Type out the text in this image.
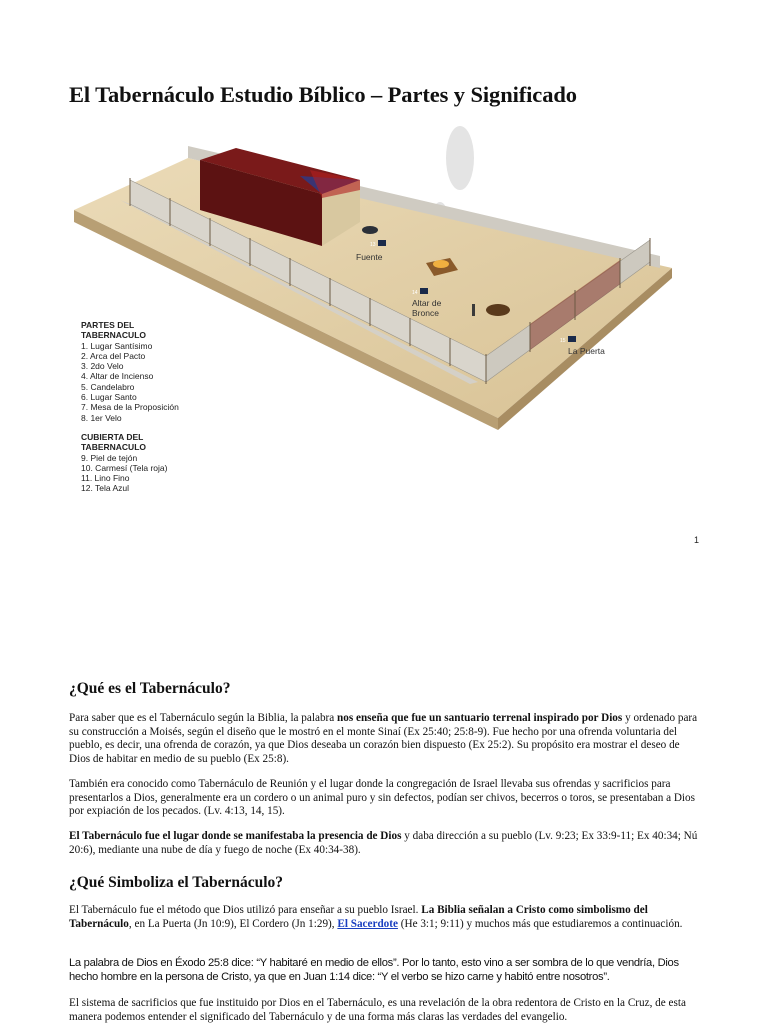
El Tabernáculo Estudio Bíblico – Partes y Significado
13
14
15
Fuente
Altar de
Bronce
La Puerta
PARTES DEL
TABERNACULO
1. Lugar Santísimo
2. Arca del Pacto
3. 2do Velo
4. Altar de Incienso
5. Candelabro
6. Lugar Santo
7. Mesa de la Proposición
8. 1er Velo
CUBIERTA DEL
TABERNACULO
9. Piel de tejón
10. Carmesí (Tela roja)
11. Lino Fino
12. Tela Azul
1
¿Qué es el Tabernáculo?

Para saber que es el Tabernáculo según la Biblia, la palabra nos enseña que fue un santuario terrenal inspirado por Dios y ordenado para su construcción a Moisés, según el diseño que le mostró en el monte Sinaí (Ex 25:40; 25:8-9). Fue hecho por una ofrenda voluntaria del pueblo, es decir, una ofrenda de corazón, ya que Dios deseaba un corazón bien dispuesto (Ex 25:2). Su propósito era mostrar el deseo de Dios de habitar en medio de su pueblo (Ex 25:8).

También era conocido como Tabernáculo de Reunión y el lugar donde la congregación de Israel llevaba sus ofrendas y sacrificios para presentarlos a Dios, generalmente era un cordero o un animal puro y sin defectos, podían ser chivos, becerros o toros, se presentaban a Dios por expiación de los pecados. (Lv. 4:13, 14, 15).

El Tabernáculo fue el lugar donde se manifestaba la presencia de Dios y daba dirección a su pueblo (Lv. 9:23; Ex 33:9-11; Ex 40:34; Nú 20:6), mediante una nube de día y fuego de noche (Ex 40:34-38).

¿Qué Simboliza el Tabernáculo?

El Tabernáculo fue el método que Dios utilizó para enseñar a su pueblo Israel. La Biblia señalan a Cristo como simbolismo del Tabernáculo, en La Puerta (Jn 10:9), El Cordero (Jn 1:29), El Sacerdote (He 3:1; 9:11) y muchos más que estudiaremos a continuación.

La palabra de Dios en Éxodo 25:8 dice: “Y habitaré en medio de ellos”. Por lo tanto, esto vino a ser sombra de lo que vendría, Dios hecho hombre en la persona de Cristo, ya que en Juan 1:14 dice: “Y el verbo se hizo carne y habitó entre nosotros”.

El sistema de sacrificios que fue instituido por Dios en el Tabernáculo, es una revelación de la obra redentora de Cristo en la Cruz, de esta manera podemos entender el significado del Tabernáculo y de una forma más claras las verdades del evangelio.
